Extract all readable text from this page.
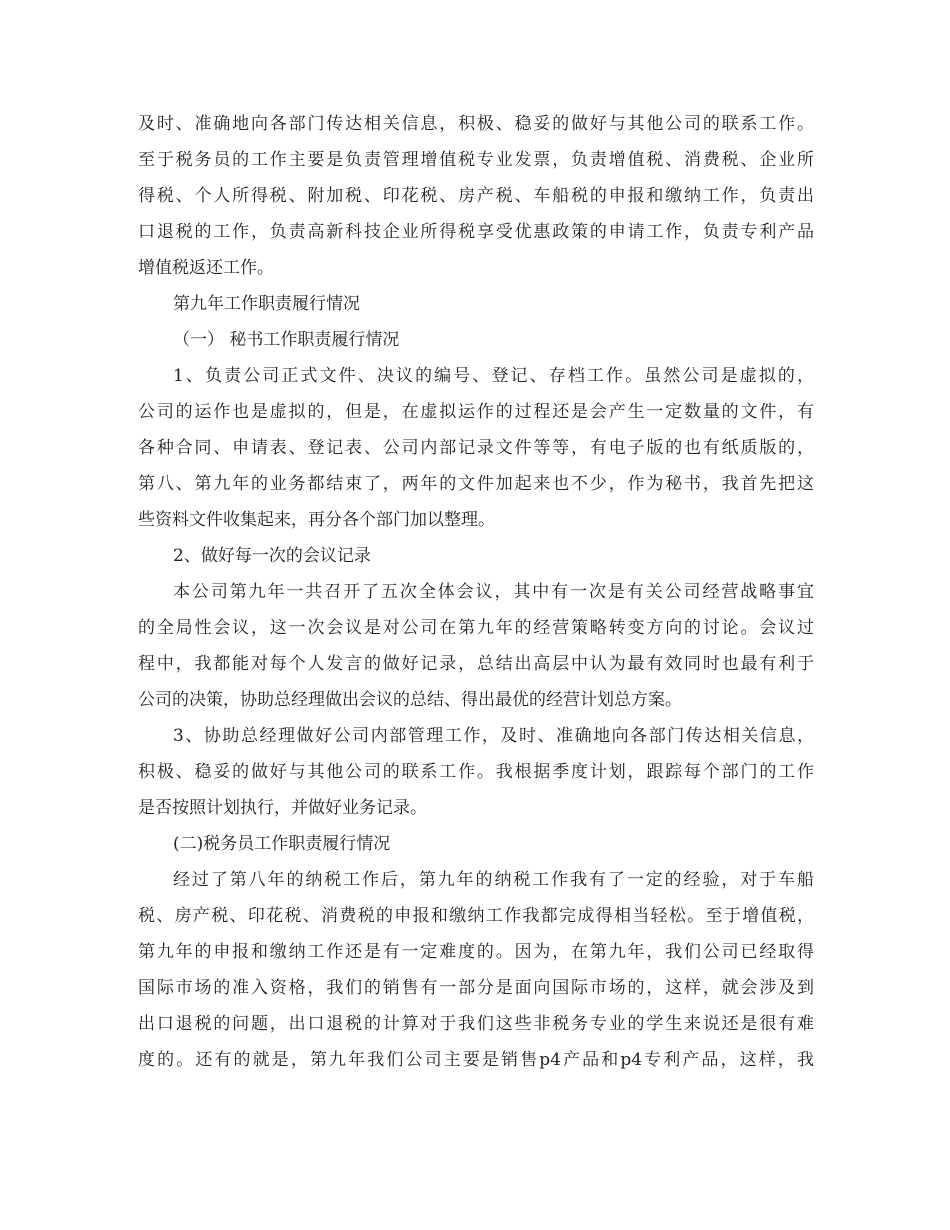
及时、准确地向各部门传达相关信息，积极、稳妥的做好与其他公司的联系工作。
至于税务员的工作主要是负责管理增值税专业发票，负责增值税、消费税、企业所
得税、个人所得税、附加税、印花税、房产税、车船税的申报和缴纳工作，负责出
口退税的工作，负责高新科技企业所得税享受优惠政策的申请工作，负责专利产品
增值税返还工作。
第九年工作职责履行情况
（一） 秘书工作职责履行情况
1、负责公司正式文件、决议的编号、登记、存档工作。虽然公司是虚拟的，
公司的运作也是虚拟的，但是，在虚拟运作的过程还是会产生一定数量的文件，有
各种合同、申请表、登记表、公司内部记录文件等等，有电子版的也有纸质版的，
第八、第九年的业务都结束了，两年的文件加起来也不少，作为秘书，我首先把这
些资料文件收集起来，再分各个部门加以整理。
2、做好每一次的会议记录
本公司第九年一共召开了五次全体会议，其中有一次是有关公司经营战略事宜
的全局性会议，这一次会议是对公司在第九年的经营策略转变方向的讨论。会议过
程中，我都能对每个人发言的做好记录，总结出高层中认为最有效同时也最有利于
公司的决策，协助总经理做出会议的总结、得出最优的经营计划总方案。
3、协助总经理做好公司内部管理工作，及时、准确地向各部门传达相关信息，
积极、稳妥的做好与其他公司的联系工作。我根据季度计划，跟踪每个部门的工作
是否按照计划执行，并做好业务记录。
(二)税务员工作职责履行情况
经过了第八年的纳税工作后，第九年的纳税工作我有了一定的经验，对于车船
税、房产税、印花税、消费税的申报和缴纳工作我都完成得相当轻松。至于增值税，
第九年的申报和缴纳工作还是有一定难度的。因为，在第九年，我们公司已经取得
国际市场的准入资格，我们的销售有一部分是面向国际市场的，这样，就会涉及到
出口退税的问题，出口退税的计算对于我们这些非税务专业的学生来说还是很有难
度的。还有的就是，第九年我们公司主要是销售p4产品和p4专利产品，这样，我
